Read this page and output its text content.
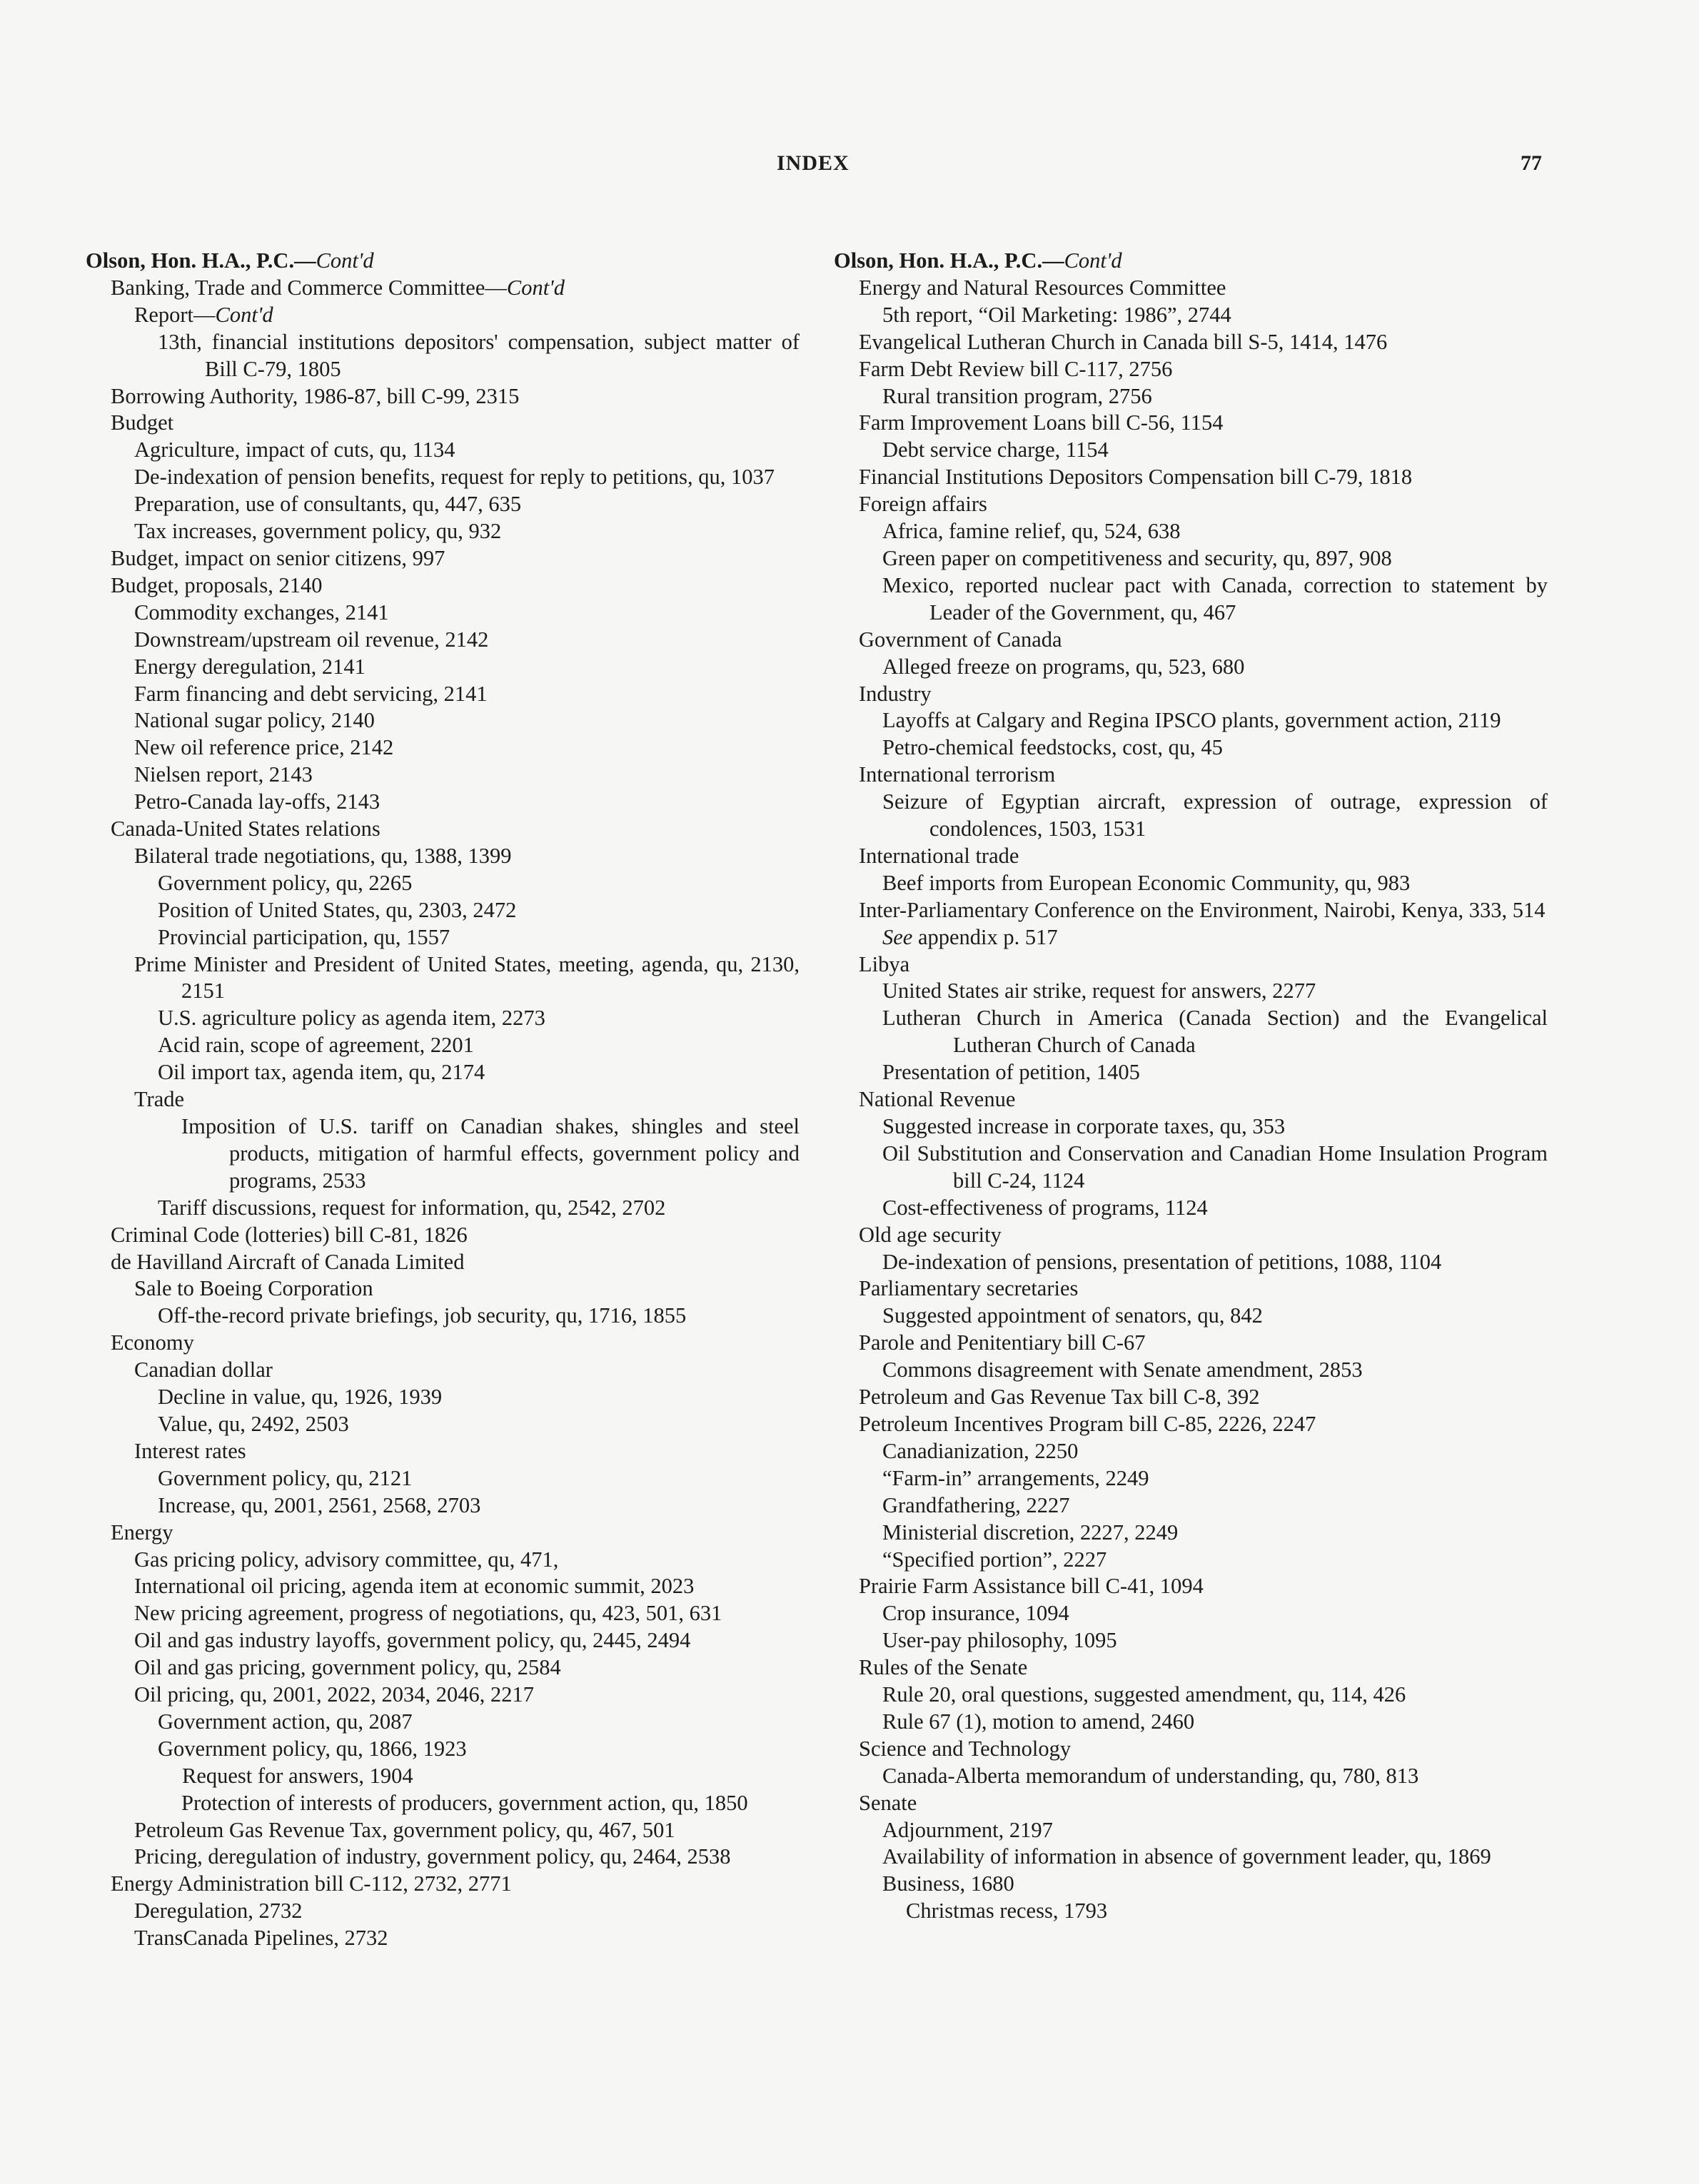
INDEX	77
Olson, Hon. H.A., P.C.—Cont'd
Banking, Trade and Commerce Committee—Cont'd
Report—Cont'd
13th, financial institutions depositors' compensation, subject matter of Bill C-79, 1805
Borrowing Authority, 1986-87, bill C-99, 2315
Budget
Agriculture, impact of cuts, qu, 1134
De-indexation of pension benefits, request for reply to petitions, qu, 1037
Preparation, use of consultants, qu, 447, 635
Tax increases, government policy, qu, 932
Budget, impact on senior citizens, 997
Budget, proposals, 2140
Commodity exchanges, 2141
Downstream/upstream oil revenue, 2142
Energy deregulation, 2141
Farm financing and debt servicing, 2141
National sugar policy, 2140
New oil reference price, 2142
Nielsen report, 2143
Petro-Canada lay-offs, 2143
Canada-United States relations
Bilateral trade negotiations, qu, 1388, 1399
Government policy, qu, 2265
Position of United States, qu, 2303, 2472
Provincial participation, qu, 1557
Prime Minister and President of United States, meeting, agenda, qu, 2130, 2151
U.S. agriculture policy as agenda item, 2273
Acid rain, scope of agreement, 2201
Oil import tax, agenda item, qu, 2174
Trade
Imposition of U.S. tariff on Canadian shakes, shingles and steel products, mitigation of harmful effects, government policy and programs, 2533
Tariff discussions, request for information, qu, 2542, 2702
Criminal Code (lotteries) bill C-81, 1826
de Havilland Aircraft of Canada Limited
Sale to Boeing Corporation
Off-the-record private briefings, job security, qu, 1716, 1855
Economy
Canadian dollar
Decline in value, qu, 1926, 1939
Value, qu, 2492, 2503
Interest rates
Government policy, qu, 2121
Increase, qu, 2001, 2561, 2568, 2703
Energy
Gas pricing policy, advisory committee, qu, 471,
International oil pricing, agenda item at economic summit, 2023
New pricing agreement, progress of negotiations, qu, 423, 501, 631
Oil and gas industry layoffs, government policy, qu, 2445, 2494
Oil and gas pricing, government policy, qu, 2584
Oil pricing, qu, 2001, 2022, 2034, 2046, 2217
Government action, qu, 2087
Government policy, qu, 1866, 1923
Request for answers, 1904
Protection of interests of producers, government action, qu, 1850
Petroleum Gas Revenue Tax, government policy, qu, 467, 501
Pricing, deregulation of industry, government policy, qu, 2464, 2538
Energy Administration bill C-112, 2732, 2771
Deregulation, 2732
TransCanada Pipelines, 2732
Olson, Hon. H.A., P.C.—Cont'd
Energy and Natural Resources Committee
5th report, “Oil Marketing: 1986”, 2744
Evangelical Lutheran Church in Canada bill S-5, 1414, 1476
Farm Debt Review bill C-117, 2756
Rural transition program, 2756
Farm Improvement Loans bill C-56, 1154
Debt service charge, 1154
Financial Institutions Depositors Compensation bill C-79, 1818
Foreign affairs
Africa, famine relief, qu, 524, 638
Green paper on competitiveness and security, qu, 897, 908
Mexico, reported nuclear pact with Canada, correction to statement by Leader of the Government, qu, 467
Government of Canada
Alleged freeze on programs, qu, 523, 680
Industry
Layoffs at Calgary and Regina IPSCO plants, government action, 2119
Petro-chemical feedstocks, cost, qu, 45
International terrorism
Seizure of Egyptian aircraft, expression of outrage, expression of condolences, 1503, 1531
International trade
Beef imports from European Economic Community, qu, 983
Inter-Parliamentary Conference on the Environment, Nairobi, Kenya, 333, 514
See appendix p. 517
Libya
United States air strike, request for answers, 2277
Lutheran Church in America (Canada Section) and the Evangelical Lutheran Church of Canada
Presentation of petition, 1405
National Revenue
Suggested increase in corporate taxes, qu, 353
Oil Substitution and Conservation and Canadian Home Insulation Program bill C-24, 1124
Cost-effectiveness of programs, 1124
Old age security
De-indexation of pensions, presentation of petitions, 1088, 1104
Parliamentary secretaries
Suggested appointment of senators, qu, 842
Parole and Penitentiary bill C-67
Commons disagreement with Senate amendment, 2853
Petroleum and Gas Revenue Tax bill C-8, 392
Petroleum Incentives Program bill C-85, 2226, 2247
Canadianization, 2250
“Farm-in” arrangements, 2249
Grandfathering, 2227
Ministerial discretion, 2227, 2249
“Specified portion”, 2227
Prairie Farm Assistance bill C-41, 1094
Crop insurance, 1094
User-pay philosophy, 1095
Rules of the Senate
Rule 20, oral questions, suggested amendment, qu, 114, 426
Rule 67 (1), motion to amend, 2460
Science and Technology
Canada-Alberta memorandum of understanding, qu, 780, 813
Senate
Adjournment, 2197
Availability of information in absence of government leader, qu, 1869
Business, 1680
Christmas recess, 1793
